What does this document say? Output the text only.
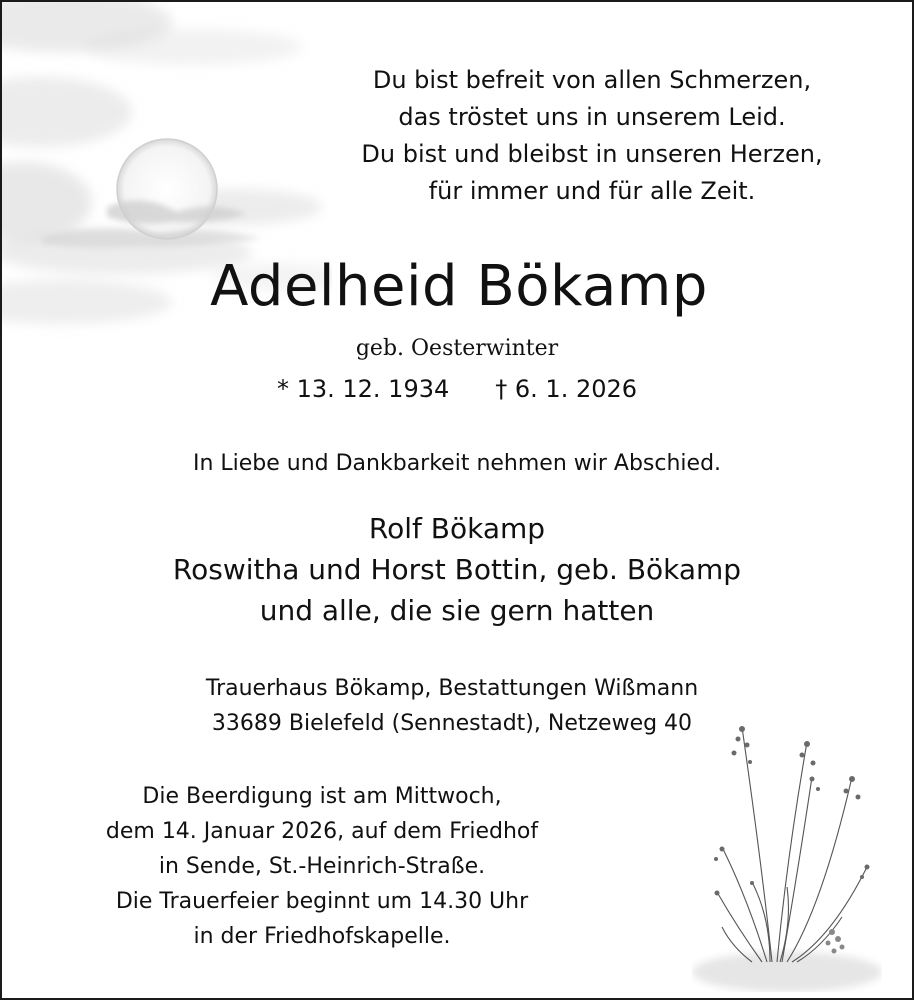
Du bist befreit von allen Schmerzen,
das tröstet uns in unserem Leid.
Du bist und bleibst in unseren Herzen,
für immer und für alle Zeit.
Adelheid Bökamp
geb. Oesterwinter
* 13. 12. 1934 † 6. 1. 2026
In Liebe und Dankbarkeit nehmen wir Abschied.
Rolf Bökamp
Roswitha und Horst Bottin, geb. Bökamp
und alle, die sie gern hatten
Trauerhaus Bökamp, Bestattungen Wißmann
33689 Bielefeld (Sennestadt), Netzeweg 40
Die Beerdigung ist am Mittwoch,
dem 14. Januar 2026, auf dem Friedhof
in Sende, St.-Heinrich-Straße.
Die Trauerfeier beginnt um 14.30 Uhr
in der Friedhofskapelle.
